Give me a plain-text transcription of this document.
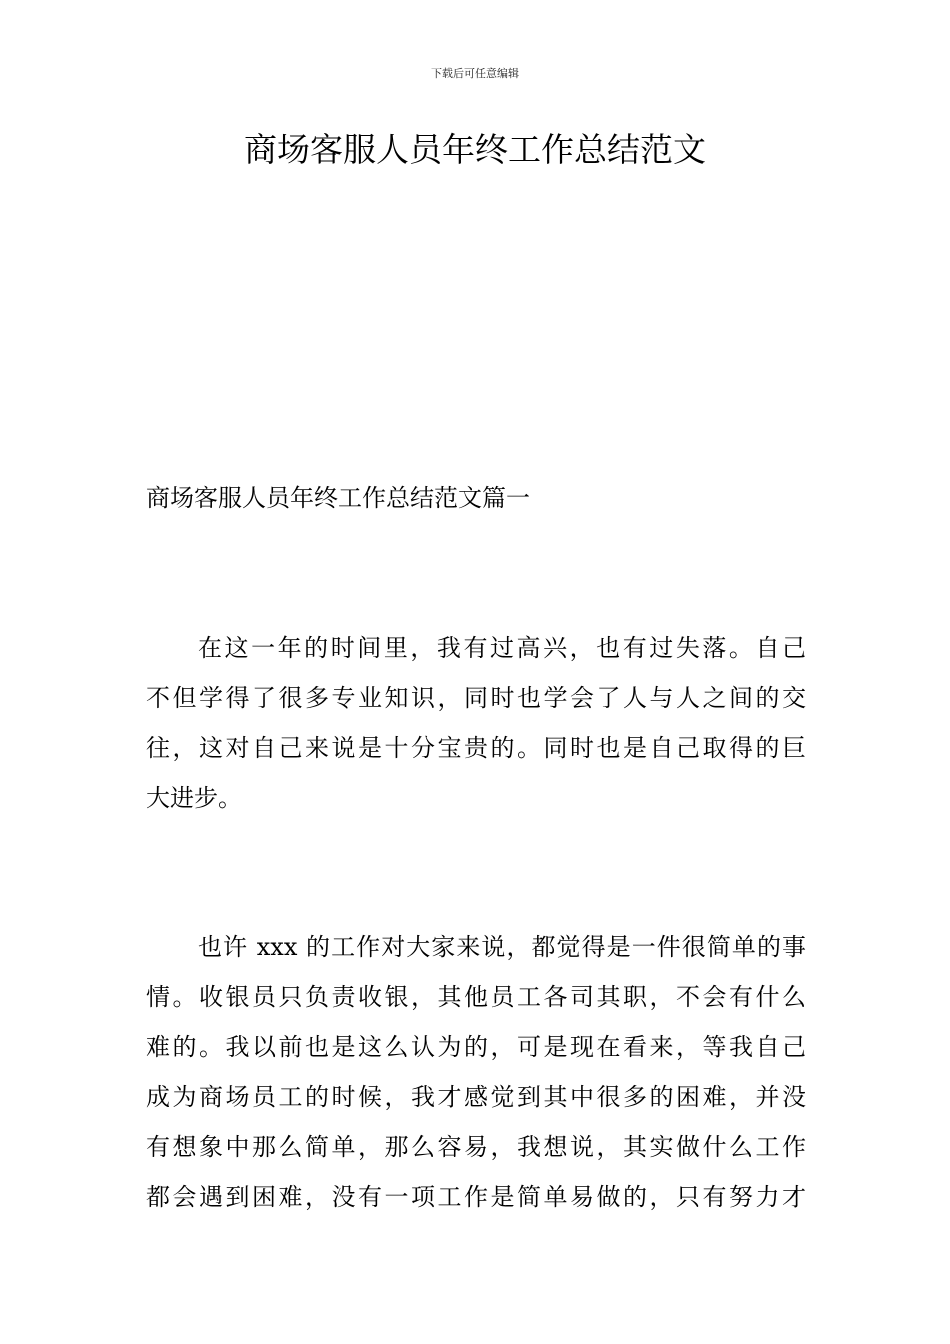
下载后可任意编辑
商场客服人员年终工作总结范文
商场客服人员年终工作总结范文篇一
在这一年的时间里，我有过高兴，也有过失落。自己
不但学得了很多专业知识，同时也学会了人与人之间的交
往，这对自己来说是十分宝贵的。同时也是自己取得的巨
大进步。
也许 xxx 的工作对大家来说，都觉得是一件很简单的事
情。收银员只负责收银，其他员工各司其职，不会有什么
难的。我以前也是这么认为的，可是现在看来，等我自己
成为商场员工的时候，我才感觉到其中很多的困难，并没
有想象中那么简单，那么容易，我想说，其实做什么工作
都会遇到困难，没有一项工作是简单易做的，只有努力才
